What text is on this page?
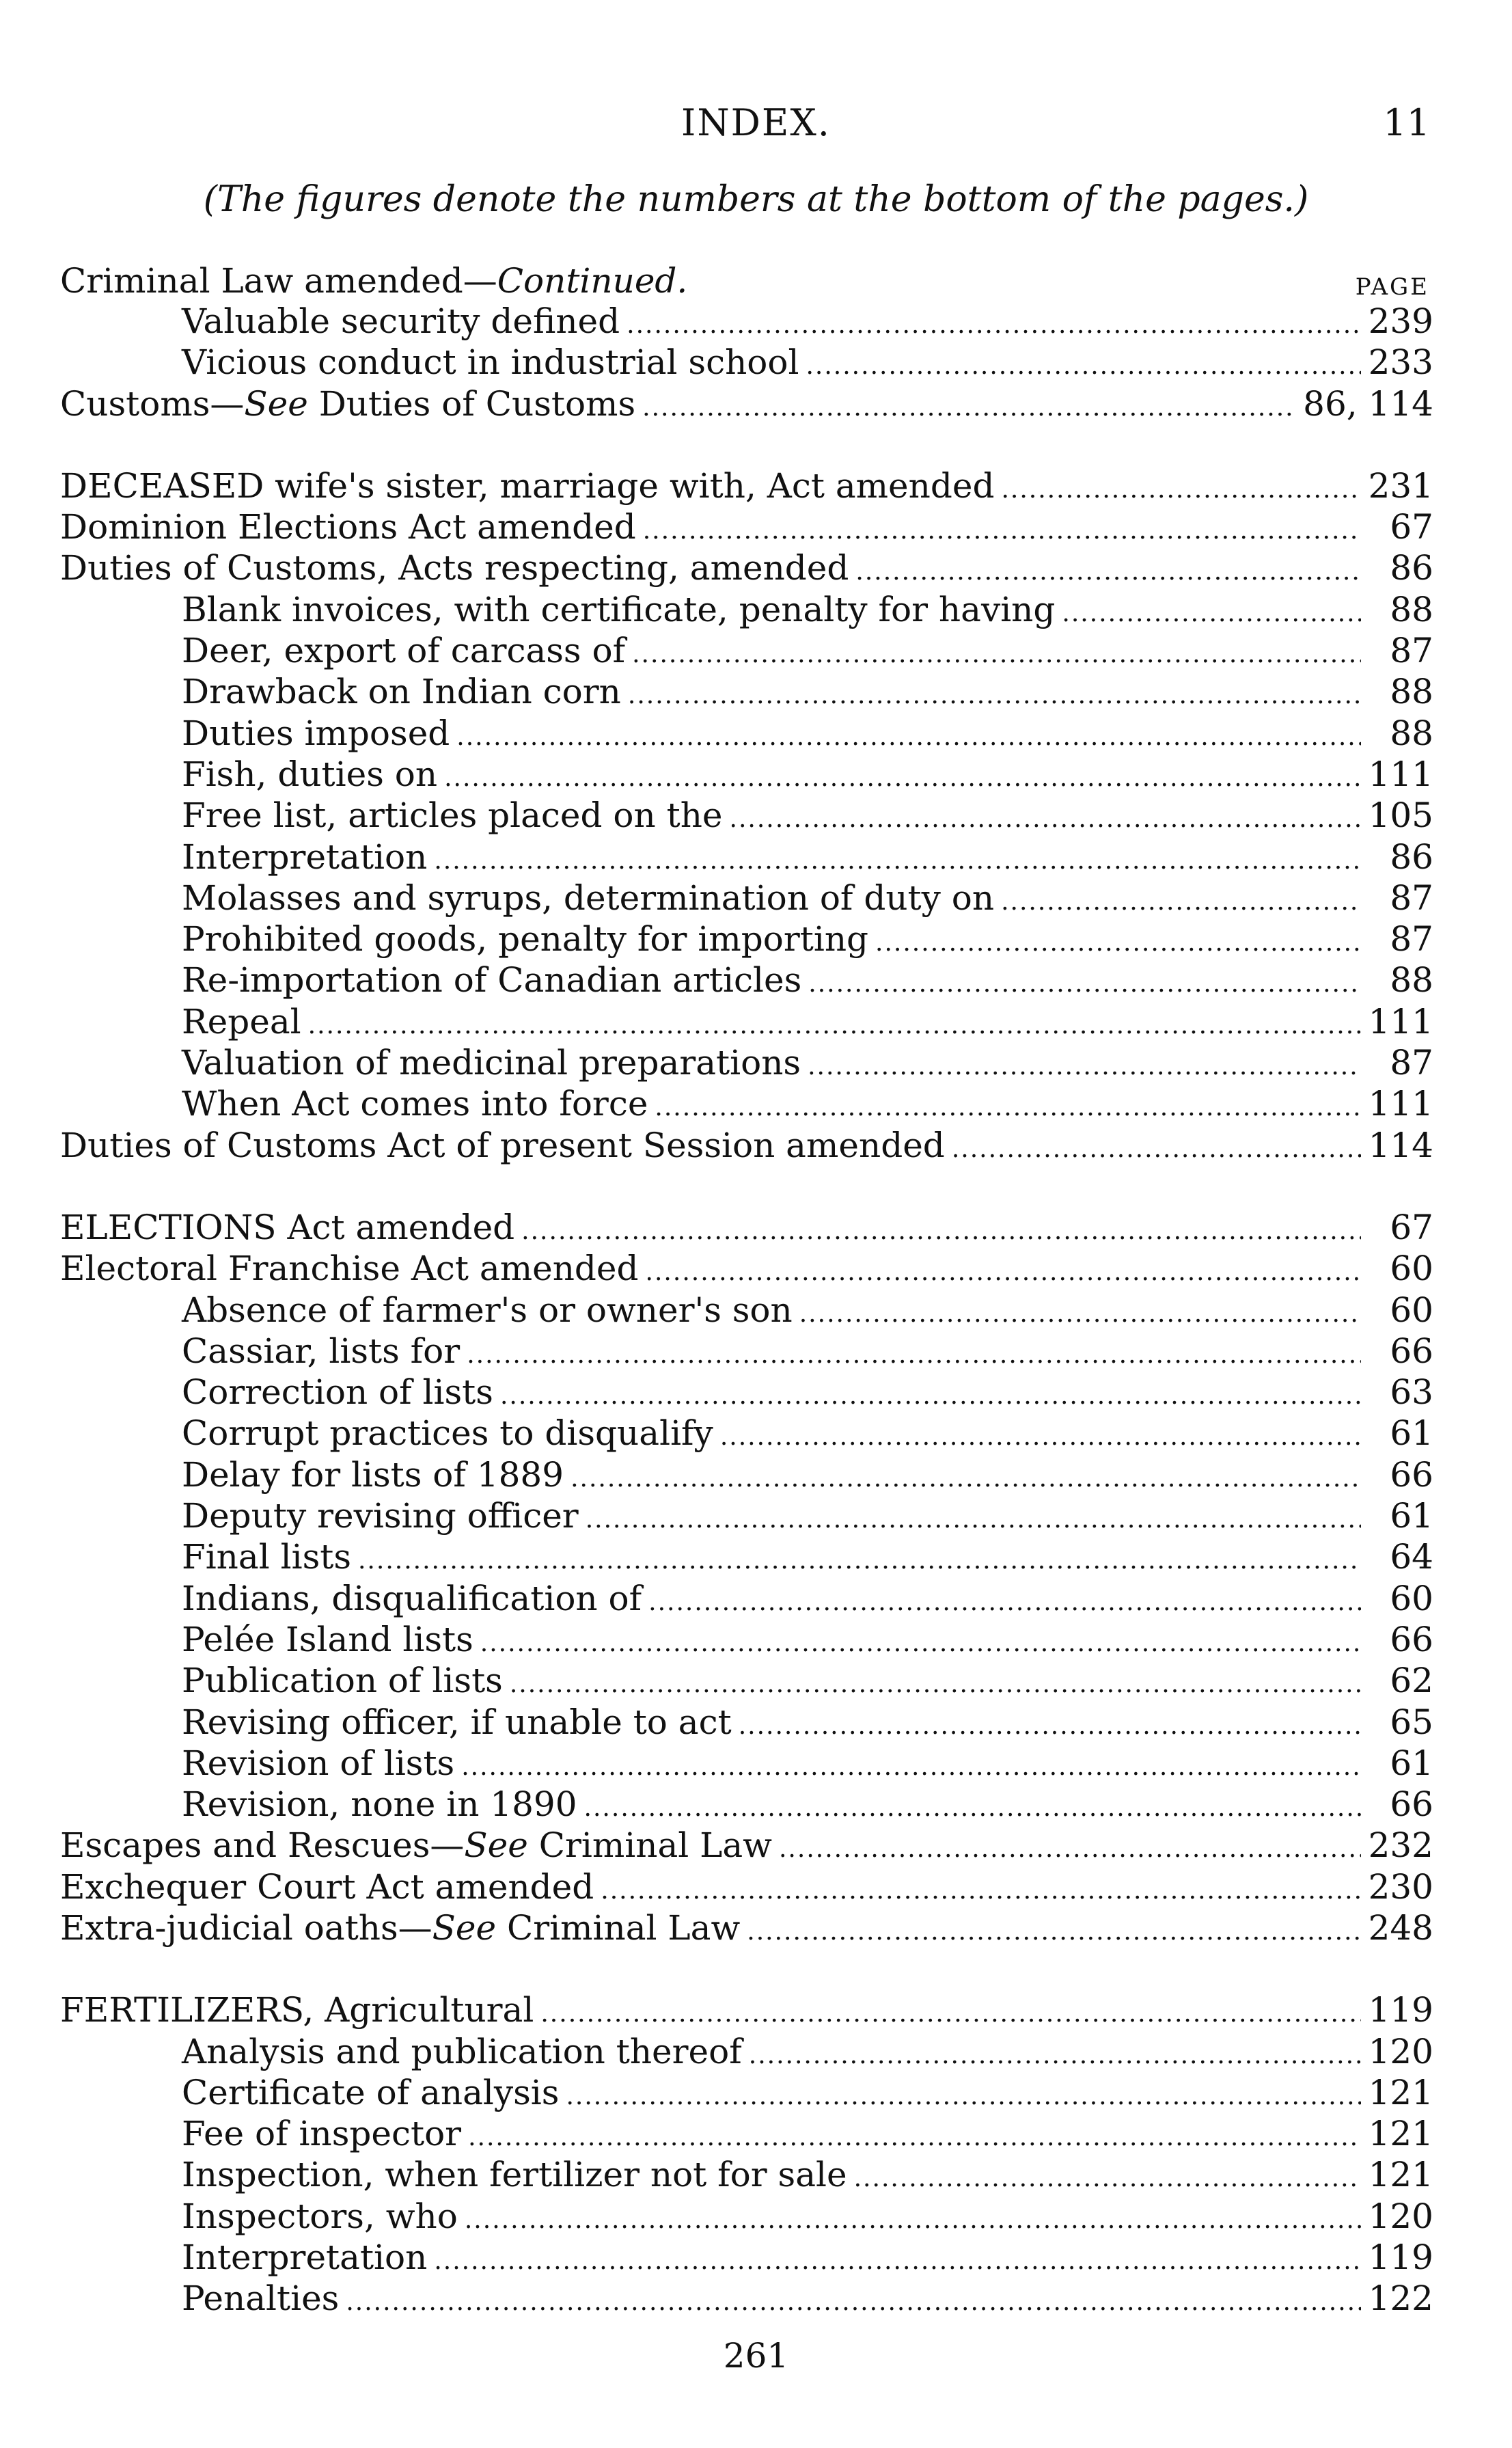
INDEX.	11
(The figures denote the numbers at the bottom of the pages.)
Criminal Law amended—Continued.	PAGE
Valuable security defined .....	239
Vicious conduct in industrial school .....	233
Customs—See Duties of Customs .....	86, 114
DECEASED wife's sister, marriage with, Act amended .....	231
Dominion Elections Act amended .....	67
Duties of Customs, Acts respecting, amended .....	86
Blank invoices, with certificate, penalty for having .....	88
Deer, export of carcass of .....	87
Drawback on Indian corn .....	88
Duties imposed .....	88
Fish, duties on .....	111
Free list, articles placed on the .....	105
Interpretation .....	86
Molasses and syrups, determination of duty on .....	87
Prohibited goods, penalty for importing .....	87
Re-importation of Canadian articles .....	88
Repeal .....	111
Valuation of medicinal preparations .....	87
When Act comes into force .....	111
Duties of Customs Act of present Session amended .....	114
ELECTIONS Act amended .....	67
Electoral Franchise Act amended .....	60
Absence of farmer's or owner's son .....	60
Cassiar, lists for .....	66
Correction of lists .....	63
Corrupt practices to disqualify .....	61
Delay for lists of 1889 .....	66
Deputy revising officer .....	61
Final lists .....	64
Indians, disqualification of .....	60
Pelée Island lists .....	66
Publication of lists .....	62
Revising officer, if unable to act .....	65
Revision of lists .....	61
Revision, none in 1890 .....	66
Escapes and Rescues—See Criminal Law .....	232
Exchequer Court Act amended .....	230
Extra-judicial oaths—See Criminal Law .....	248
FERTILIZERS, Agricultural .....	119
Analysis and publication thereof .....	120
Certificate of analysis .....	121
Fee of inspector .....	121
Inspection, when fertilizer not for sale .....	121
Inspectors, who .....	120
Interpretation .....	119
Penalties .....	122
261
